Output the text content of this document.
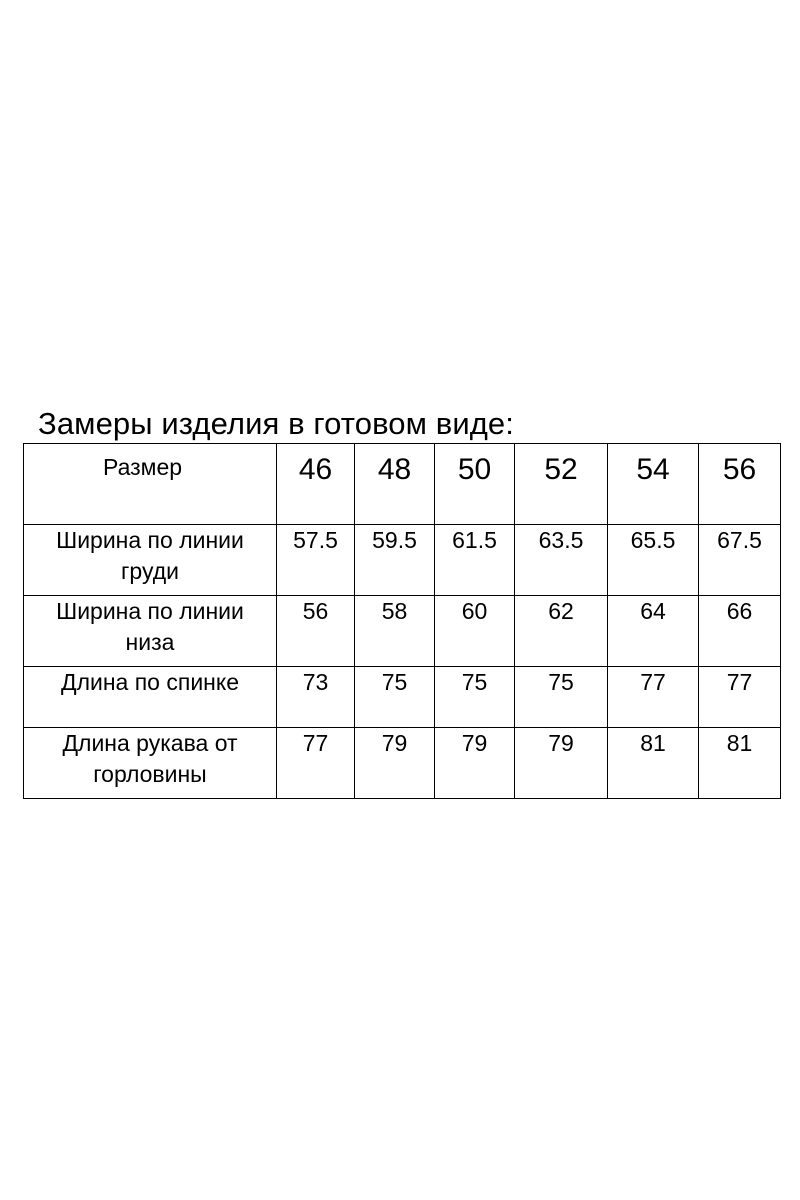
Замеры изделия в готовом виде:
Размер	46	48	50	52	54	56

Ширина по линии
груди	57.5	59.5	61.5	63.5	65.5	67.5

Ширина по линии
низа	56	58	60	62	64	66

Длина по спинке	73	75	75	75	77	77

Длина рукава от
горловины	77	79	79	79	81	81
